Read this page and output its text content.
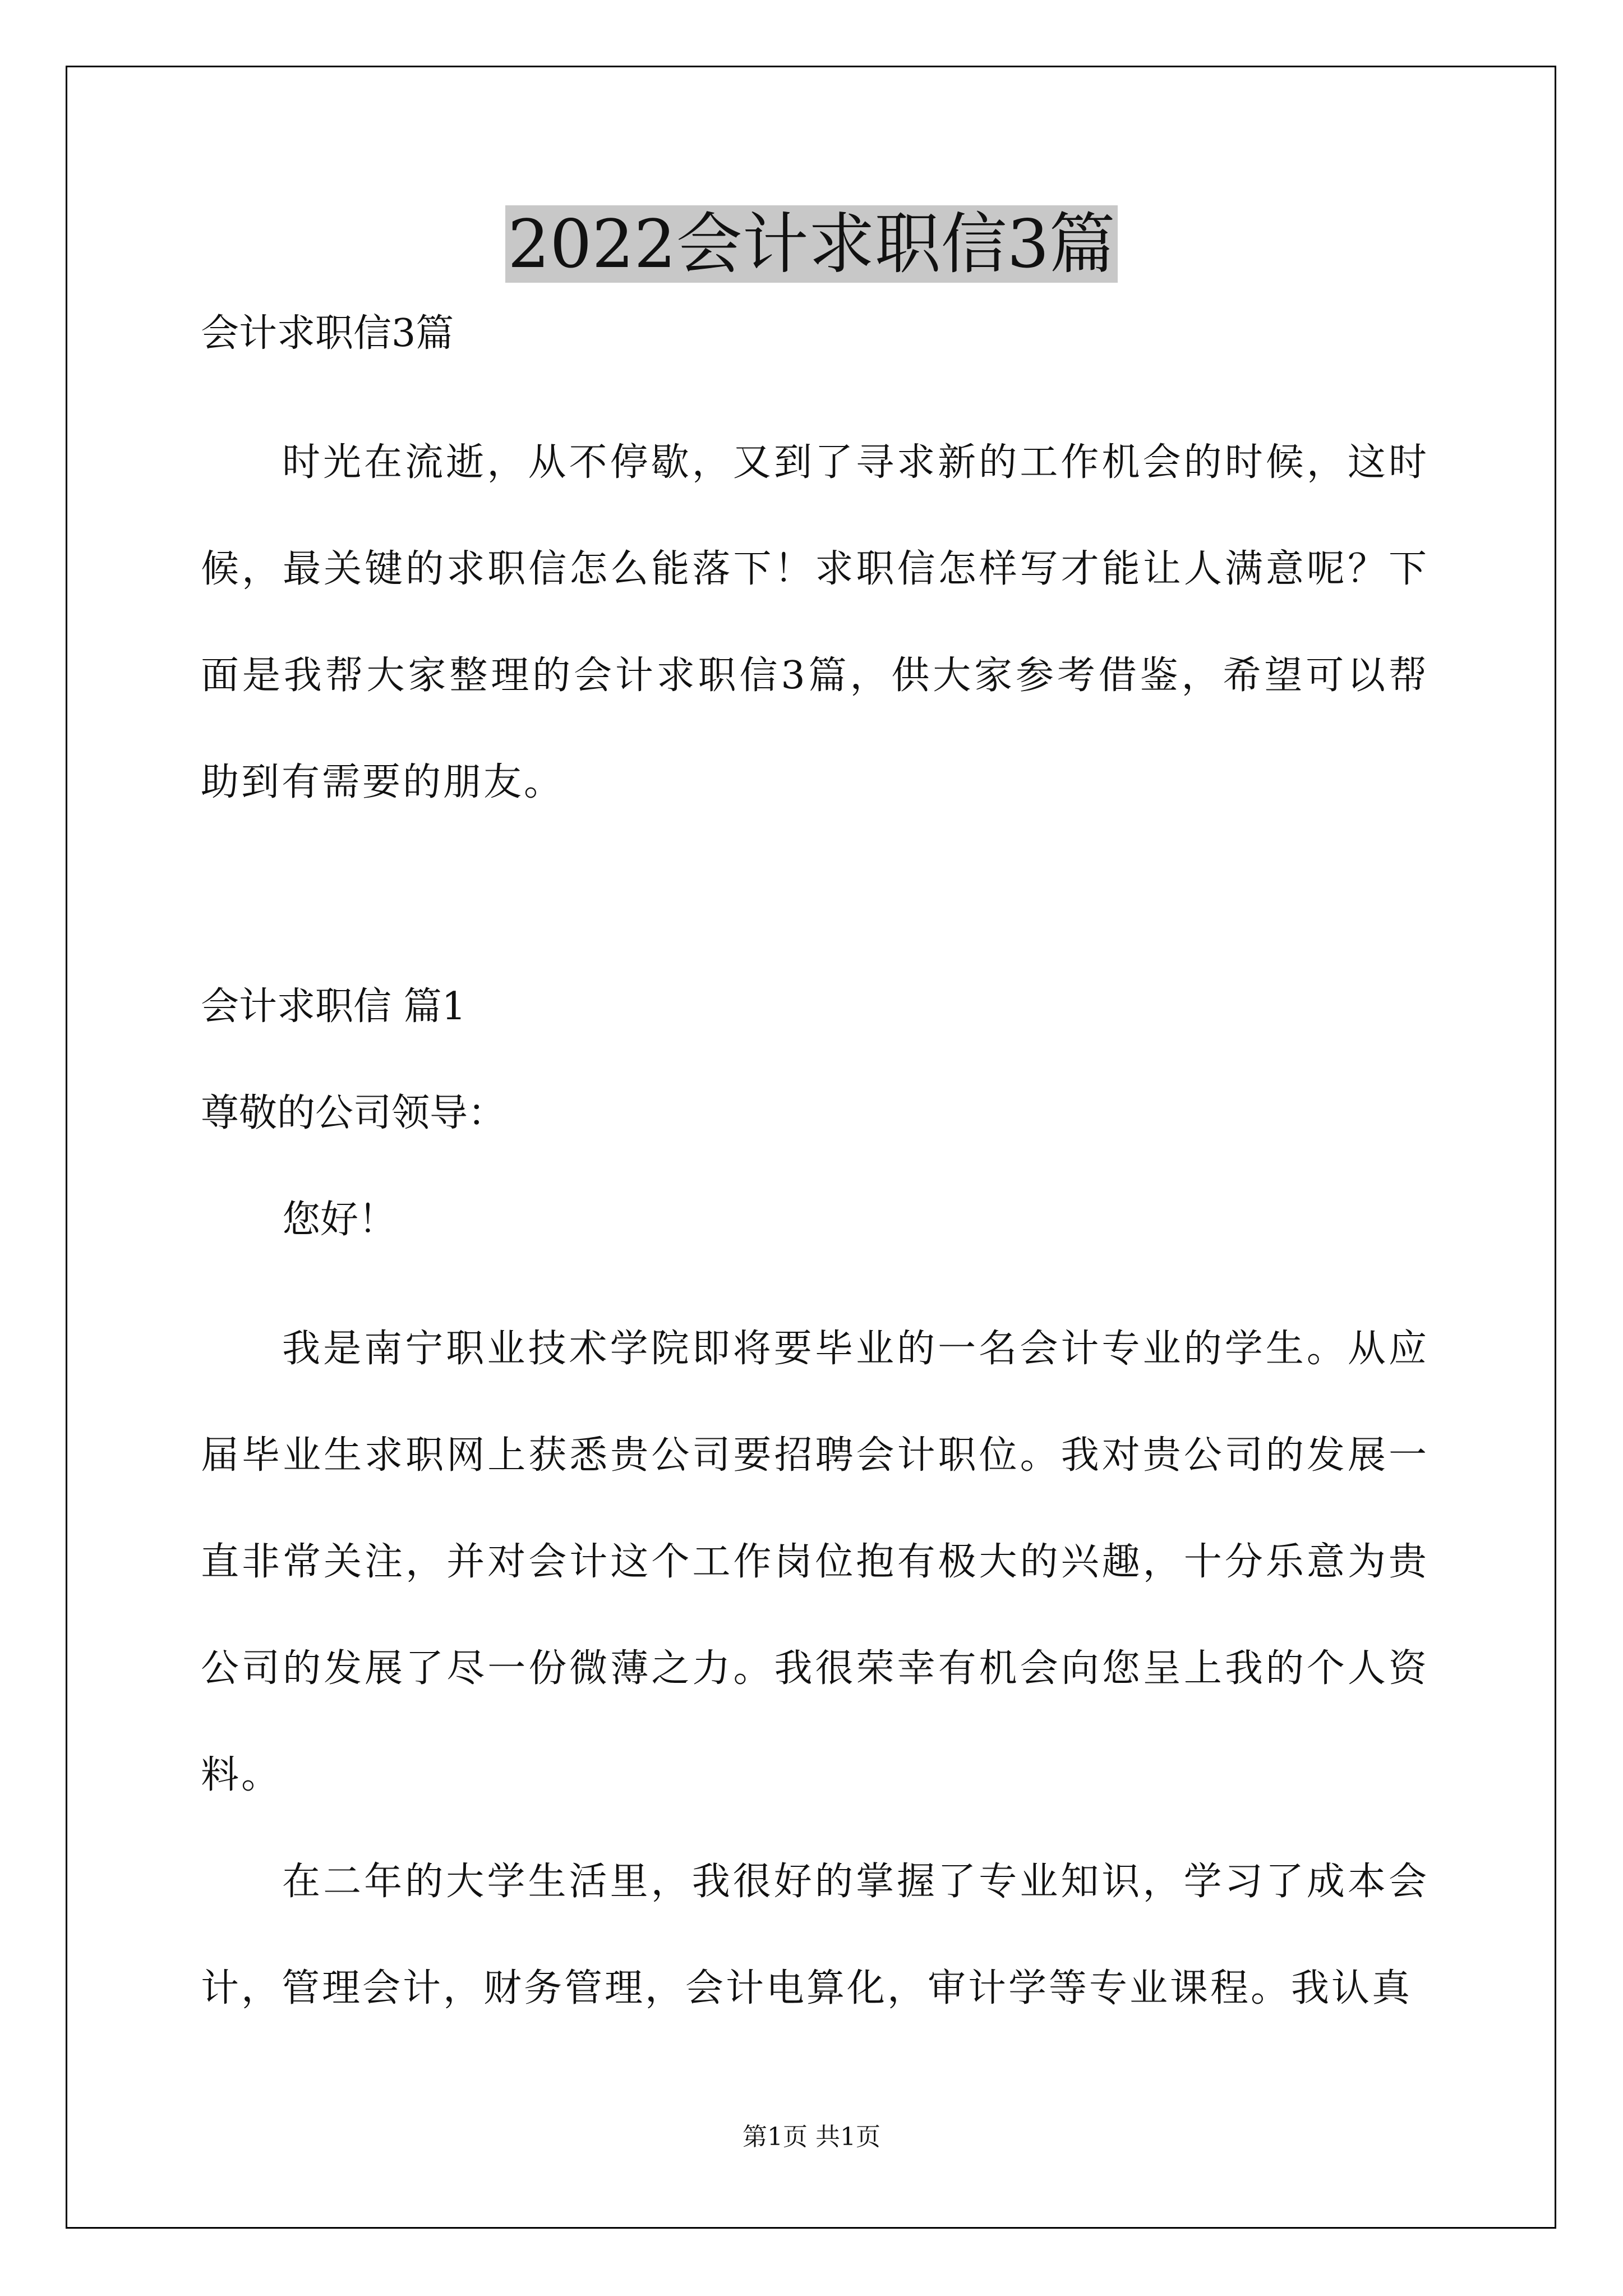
2022会计求职信3篇

会计求职信3篇

时光在流逝，从不停歇，又到了寻求新的工作机会的时候，这时候，最关键的求职信怎么能落下！求职信怎样写才能让人满意呢？下面是我帮大家整理的会计求职信3篇，供大家参考借鉴，希望可以帮助到有需要的朋友。

会计求职信 篇1

尊敬的公司领导：

您好！

我是南宁职业技术学院即将要毕业的一名会计专业的学生。从应届毕业生求职网上获悉贵公司要招聘会计职位。我对贵公司的发展一直非常关注，并对会计这个工作岗位抱有极大的兴趣，十分乐意为贵公司的发展了尽一份微薄之力。我很荣幸有机会向您呈上我的个人资料。

在二年的大学生活里，我很好的掌握了专业知识，学习了成本会计，管理会计，财务管理，会计电算化，审计学等专业课程。我认真

第1页 共1页
